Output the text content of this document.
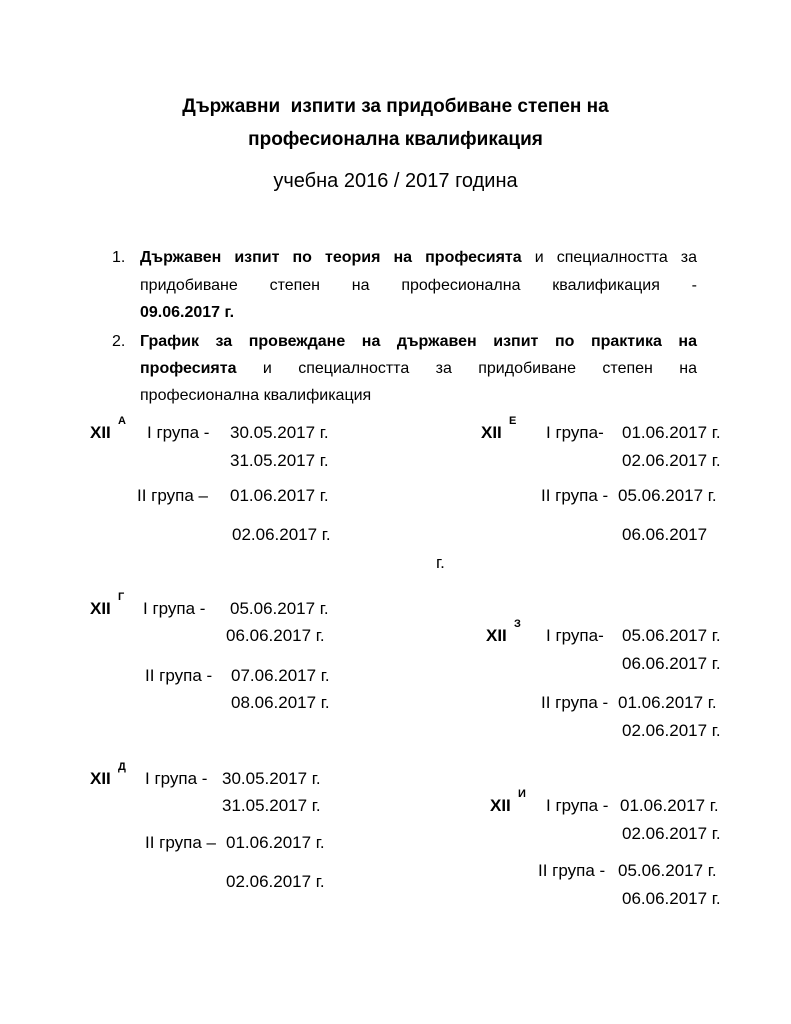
Държавни  изпити за придобиване степен на
професионална квалификация
учебна 2016 / 2017 година
1. Държавен изпит по теория на професията и специалността за
придобиване степен на професионална квалификация -
09.06.2017 г.
2. График за провеждане на държавен изпит по практика на
професията и специалността за придобиване степен на
професионална квалификация
XII
А
I група - 30.05.2017 г.
31.05.2017 г.
II група – 01.06.2017 г.
02.06.2017 г.
XII
Е
I група- 01.06.2017 г.
02.06.2017 г.
II група - 05.06.2017 г.
06.06.2017
г.
XII
Г
I група - 05.06.2017 г.
06.06.2017 г.
II група - 07.06.2017 г.
08.06.2017 г.
XII
З
I група- 05.06.2017 г.
06.06.2017 г.
II група - 01.06.2017 г.
02.06.2017 г.
XII
Д
I група - 30.05.2017 г.
31.05.2017 г.
II група – 01.06.2017 г.
02.06.2017 г.
XII
И
I група - 01.06.2017 г.
02.06.2017 г.
II група - 05.06.2017 г.
06.06.2017 г.
